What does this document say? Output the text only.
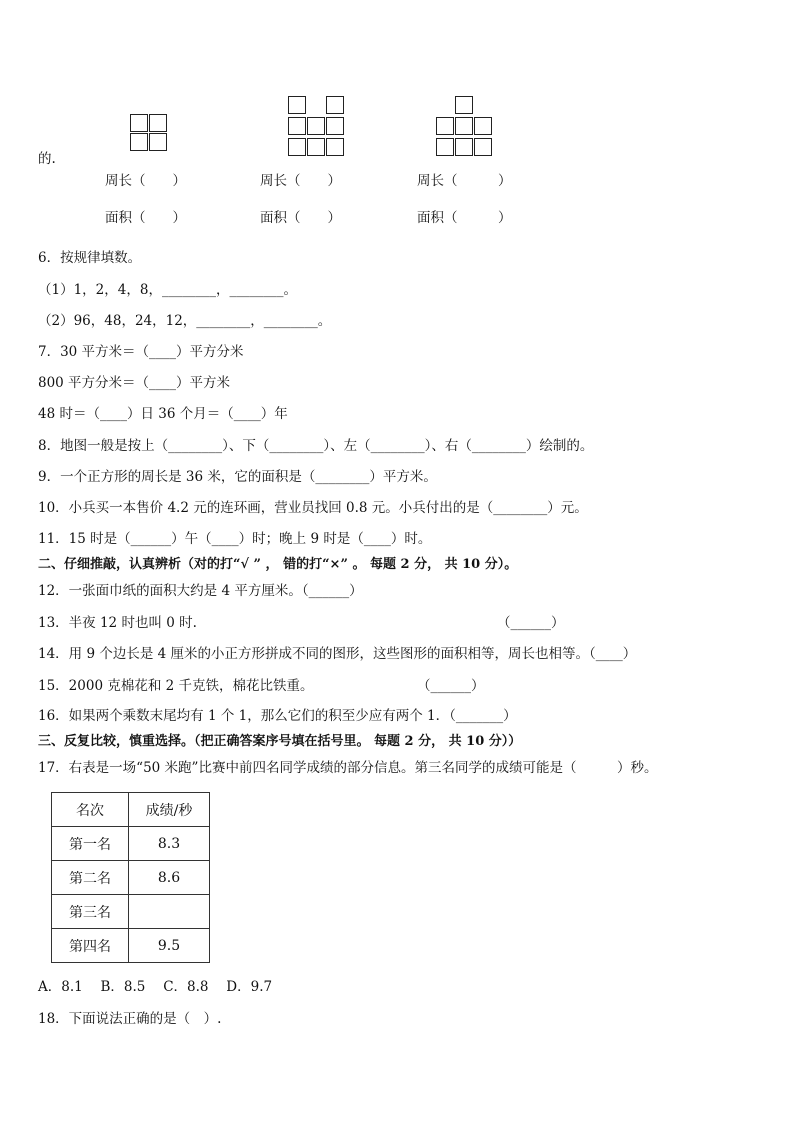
的.
周长（　　）	周长（　　）	周长（　　　）
面积（　　）	面积（　　）	面积（　　　）
6．按规律填数。
（1）1，2，4，8，________，________。
（2）96，48，24，12，________，________。
7．30 平方米＝（____）平方分米
800 平方分米＝（____）平方米
48 时＝（____）日 36 个月＝（____）年
8．地图一般是按上（________）、下（________）、左（________）、右（________）绘制的。
9．一个正方形的周长是 36 米，它的面积是（________）平方米。
10．小兵买一本售价 4.2 元的连环画，营业员找回 0.8 元。小兵付出的是（________）元。
11．15 时是（______）午（____）时；晚上 9 时是（____）时。
二、仔细推敲，认真辨析（对的打“√ ” ， 错的打“×” 。 每题 2 分， 共 10 分）。
12．一张面巾纸的面积大约是 4 平方厘米。（______）
13．半夜 12 时也叫 0 时.	（______）
14．用 9 个边长是 4 厘米的小正方形拼成不同的图形，这些图形的面积相等，周长也相等。（____）
15．2000 克棉花和 2 千克铁，棉花比铁重。	（______）
16．如果两个乘数末尾均有 1 个 1，那么它们的积至少应有两个 1．（_______）
三、反复比较，慎重选择。（把正确答案序号填在括号里。 每题 2 分， 共 10 分））
17．右表是一场“50 米跑”比赛中前四名同学成绩的部分信息。第三名同学的成绩可能是（　　　）秒。
名次	成绩/秒
第一名	8.3
第二名	8.6
第三名	
第四名	9.5
A．8.1　 B．8.5　 C．8.8　 D．9.7
18．下面说法正确的是（　）.
